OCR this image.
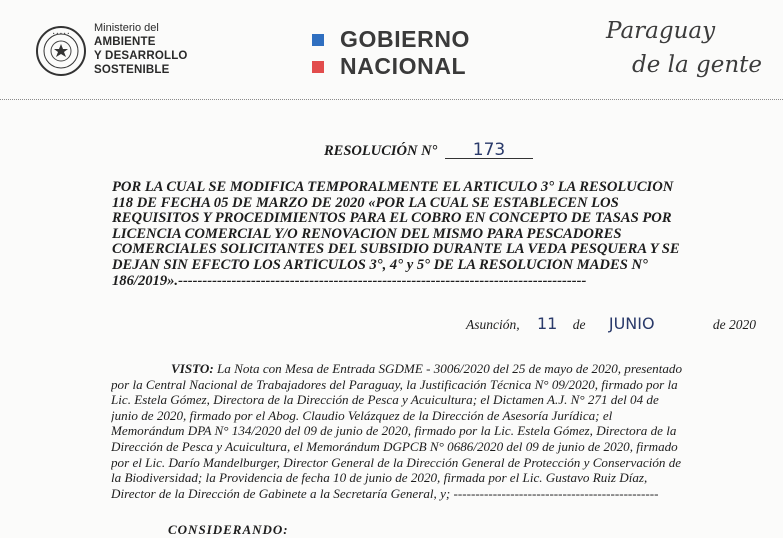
• • • • • Ministerio del
AMBIENTE
Y DESARROLLO
SOSTENIBLE
GOBIERNO
NACIONAL
Paraguay
de la gente
RESOLUCIÓN N° 173
POR LA CUAL SE MODIFICA TEMPORALMENTE EL ARTICULO 3° LA RESOLUCIÓN
118 DE FECHA 05 DE MARZO DE 2020 «POR LA CUAL SE ESTABLECEN LOS
REQUISITOS Y PROCEDIMIENTOS PARA EL COBRO EN CONCEPTO DE TASAS POR
LICENCIA COMERCIAL Y/O RENOVACIÓN DEL MISMO PARA PESCADORES
COMERCIALES SOLICITANTES DEL SUBSIDIO DURANTE LA VEDA PESQUERA Y SE
DEJAN SIN EFECTO LOS ARTÍCULOS 3°, 4° y 5° DE LA RESOLUCIÓN MADES N°
186/2019».------------------------------------------------------------------------------------
Asunción, 11 de JUNIO	de 2020
VISTO: La Nota con Mesa de Entrada SGDME - 3006/2020 del 25 de mayo de 2020, presentado
por la Central Nacional de Trabajadores del Paraguay, la Justificación Técnica N° 09/2020, firmado por la
Lic. Estela Gómez, Directora de la Dirección de Pesca y Acuicultura; el Dictamen A.J. N° 271 del 04 de
junio de 2020, firmado por el Abog. Claudio Velázquez de la Dirección de Asesoría Jurídica; el
Memorándum DPA N° 134/2020 del 09 de junio de 2020, firmado por la Lic. Estela Gómez, Directora de la
Dirección de Pesca y Acuicultura, el Memorándum DGPCB N° 0686/2020 del 09 de junio de 2020, firmado
por el Lic. Darío Mandelburger, Director General de la Dirección General de Protección y Conservación de
la Biodiversidad; la Providencia de fecha 10 de junio de 2020, firmada por el Lic. Gustavo Ruiz Díaz,
Director de la Dirección de Gabinete a la Secretaría General, y; -----------------------------------------------
CONSIDERANDO:
